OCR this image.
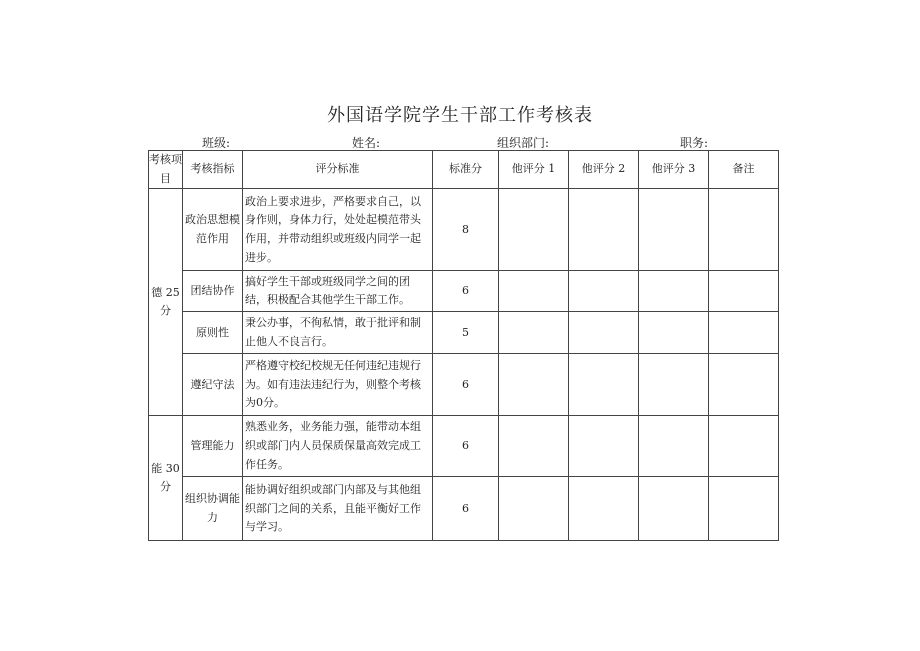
外国语学院学生干部工作考核表
班级:	姓名:	组织部门:	职务:
考核项目	考核指标	评分标准	标准分	他评分 1	他评分 2	他评分 3	备注
德 25 分	政治思想模范作用	政治上要求进步，严格要求自己，以身作则，身体力行，处处起模范带头作用，并带动组织或班级内同学一起进步。	8				
	团结协作	搞好学生干部或班级同学之间的团结，积极配合其他学生干部工作。	6				
	原则性	秉公办事，不徇私情，敢于批评和制止他人不良言行。	5				
	遵纪守法	严格遵守校纪校规无任何违纪违规行为。如有违法违纪行为，则整个考核为0分。	6				
能 30 分	管理能力	熟悉业务，业务能力强，能带动本组织或部门内人员保质保量高效完成工作任务。	6				
	组织协调能力	能协调好组织或部门内部及与其他组织部门之间的关系，且能平衡好工作与学习。	6				
